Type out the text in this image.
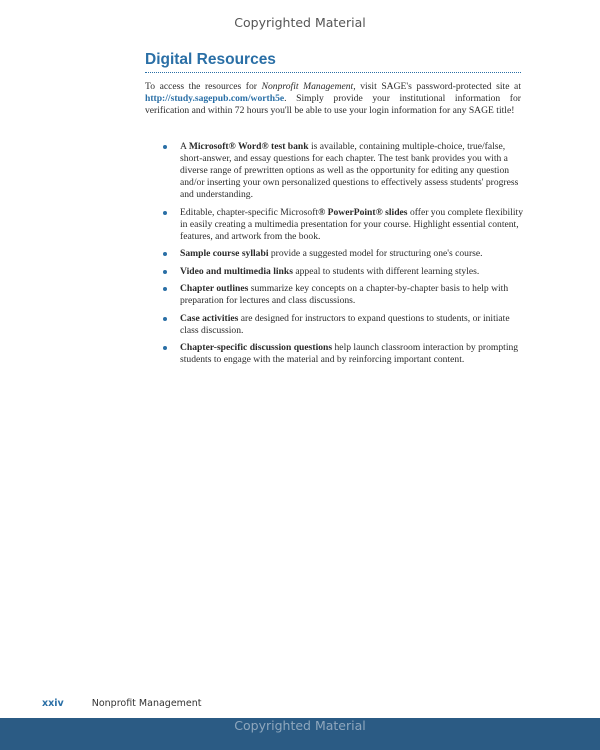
Copyrighted Material
Digital Resources

To access the resources for Nonprofit Management, visit SAGE's password-protected site at http://study.sagepub.com/worth5e. Simply provide your institutional information for verification and within 72 hours you'll be able to use your login information for any SAGE title!

A Microsoft® Word® test bank is available, containing multiple-choice, true/false, short-answer, and essay questions for each chapter. The test bank provides you with a diverse range of prewritten options as well as the opportunity for editing any question and/or inserting your own personalized questions to effectively assess students' progress and understanding.
Editable, chapter-specific Microsoft® PowerPoint® slides offer you complete flexibility in easily creating a multimedia presentation for your course. Highlight essential content, features, and artwork from the book.
Sample course syllabi provide a suggested model for structuring one's course.
Video and multimedia links appeal to students with different learning styles.
Chapter outlines summarize key concepts on a chapter-by-chapter basis to help with preparation for lectures and class discussions.
Case activities are designed for instructors to expand questions to students, or initiate class discussion.
Chapter-specific discussion questions help launch classroom interaction by prompting students to engage with the material and by reinforcing important content.
xxiv	Nonprofit Management
Copyrighted Material
